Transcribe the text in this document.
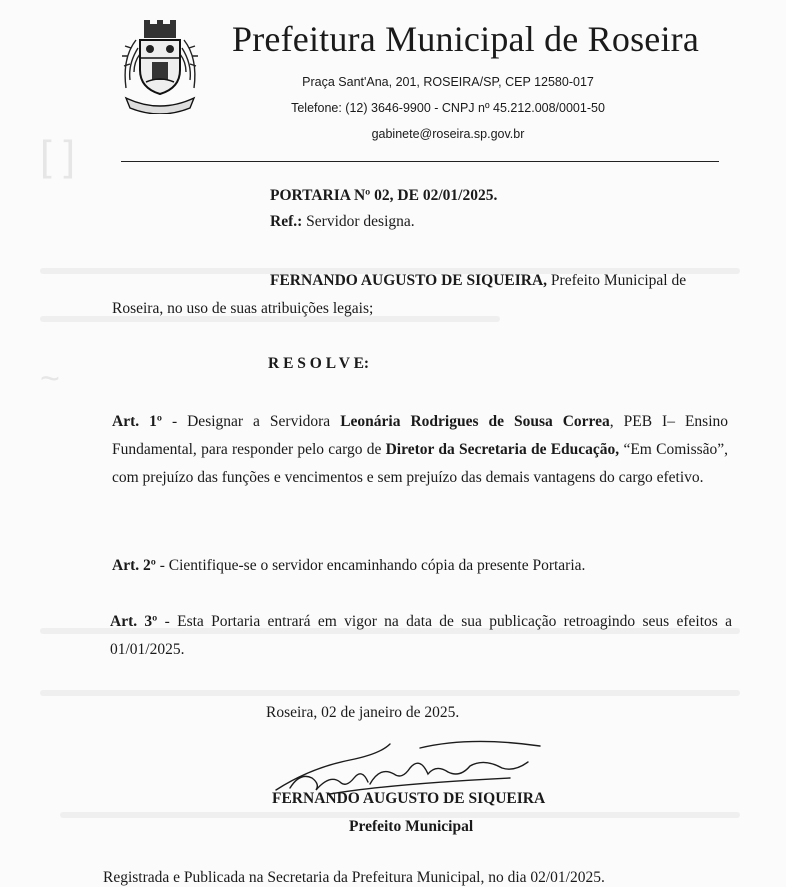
[ ]
~
Prefeitura Municipal de Roseira
Praça Sant'Ana, 201, ROSEIRA/SP, CEP 12580-017
Telefone: (12) 3646-9900 - CNPJ nº 45.212.008/0001-50
gabinete@roseira.sp.gov.br
PORTARIA Nº 02, DE 02/01/2025.
Ref.: Servidor designa.
FERNANDO AUGUSTO DE SIQUEIRA, Prefeito Municipal de
Roseira, no uso de suas atribuições legais;
R E S O L V E:
Art. 1º - Designar a Servidora Leonária Rodrigues de Sousa Correa, PEB I– Ensino Fundamental, para responder pelo cargo de Diretor da Secretaria de Educação, “Em Comissão”, com prejuízo das funções e vencimentos e sem prejuízo das demais vantagens do cargo efetivo.
Art. 2º - Cientifique-se o servidor encaminhando cópia da presente Portaria.
Art. 3º - Esta Portaria entrará em vigor na data de sua publicação retroagindo seus efeitos a 01/01/2025.
Roseira, 02 de janeiro de 2025.
FERNANDO AUGUSTO DE SIQUEIRA
Prefeito Municipal
Registrada e Publicada na Secretaria da Prefeitura Municipal, no dia 02/01/2025.
